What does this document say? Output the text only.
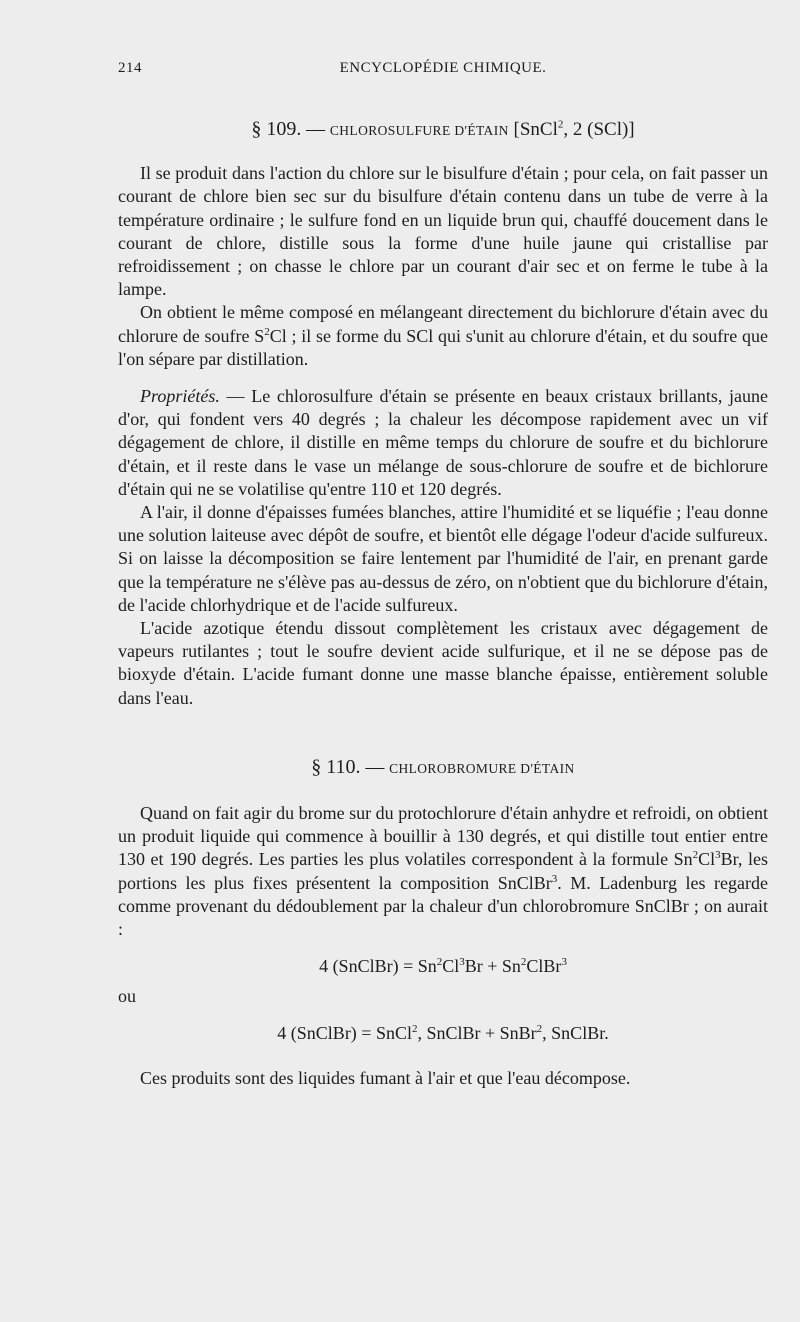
214	ENCYCLOPÉDIE CHIMIQUE.
§ 109. — CHLOROSULFURE D'ÉTAIN [SnCl$^2$, 2 (SCl)]

Il se produit dans l'action du chlore sur le bisulfure d'étain ; pour cela, on fait passer un courant de chlore bien sec sur du bisulfure d'étain contenu dans un tube de verre à la température ordinaire ; le sulfure fond en un liquide brun qui, chauffé doucement dans le courant de chlore, distille sous la forme d'une huile jaune qui cristallise par refroidissement ; on chasse le chlore par un courant d'air sec et on ferme le tube à la lampe.

On obtient le même composé en mélangeant directement du bichlorure d'étain avec du chlorure de soufre $S^2Cl$ ; il se forme du SCl qui s'unit au chlorure d'étain, et du soufre que l'on sépare par distillation.

Propriétés. — Le chlorosulfure d'étain se présente en beaux cristaux brillants, jaune d'or, qui fondent vers 40 degrés ; la chaleur les décompose rapidement avec un vif dégagement de chlore, il distille en même temps du chlorure de soufre et du bichlorure d'étain, et il reste dans le vase un mélange de sous-chlorure de soufre et de bichlorure d'étain qui ne se volatilise qu'entre 110 et 120 degrés.

A l'air, il donne d'épaisses fumées blanches, attire l'humidité et se liquéfie ; l'eau donne une solution laiteuse avec dépôt de soufre, et bientôt elle dégage l'odeur d'acide sulfureux. Si on laisse la décomposition se faire lentement par l'humidité de l'air, en prenant garde que la température ne s'élève pas au-dessus de zéro, on n'obtient que du bichlorure d'étain, de l'acide chlorhydrique et de l'acide sulfureux.

L'acide azotique étendu dissout complètement les cristaux avec dégagement de vapeurs rutilantes ; tout le soufre devient acide sulfurique, et il ne se dépose pas de bioxyde d'étain. L'acide fumant donne une masse blanche épaisse, entièrement soluble dans l'eau.

§ 110. — CHLOROBROMURE D'ÉTAIN

Quand on fait agir du brome sur du protochlorure d'étain anhydre et refroidi, on obtient un produit liquide qui commence à bouillir à 130 degrés, et qui distille tout entier entre 130 et 190 degrés. Les parties les plus volatiles correspondent à la formule Sn$^2$Cl$^3$Br, les portions les plus fixes présentent la composition SnClBr$^3$. M. Ladenburg les regarde comme provenant du dédoublement par la chaleur d'un chlorobromure SnClBr ; on aurait :

4 (SnClBr) = $Sn^2Cl^3Br$ + $Sn^2ClBr^3$
ou
4 (SnClBr) = SnCl$^2$, SnClBr + SnBr$^2$, SnClBr.

Ces produits sont des liquides fumant à l'air et que l'eau décompose.
